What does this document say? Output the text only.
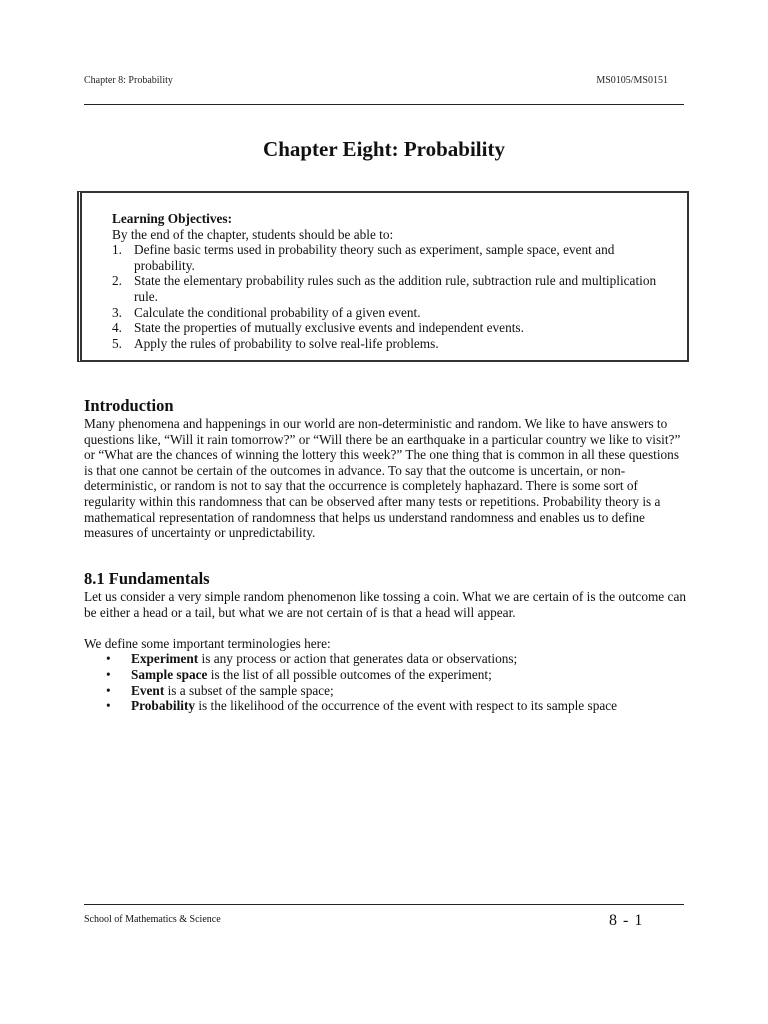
Chapter 8: Probability	MS0105/MS0151
Chapter Eight: Probability
Learning Objectives:
By the end of the chapter, students should be able to:
1. Define basic terms used in probability theory such as experiment, sample space, event and probability.
2. State the elementary probability rules such as the addition rule, subtraction rule and multiplication rule.
3. Calculate the conditional probability of a given event.
4. State the properties of mutually exclusive events and independent events.
5. Apply the rules of probability to solve real-life problems.
Introduction

Many phenomena and happenings in our world are non-deterministic and random. We like to have answers to questions like, “Will it rain tomorrow?” or “Will there be an earthquake in a particular country we like to visit?” or “What are the chances of winning the lottery this week?” The one thing that is common in all these questions is that one cannot be certain of the outcomes in advance. To say that the outcome is uncertain, or non-deterministic, or random is not to say that the occurrence is completely haphazard. There is some sort of regularity within this randomness that can be observed after many tests or repetitions. Probability theory is a mathematical representation of randomness that helps us understand randomness and enables us to define measures of uncertainty or unpredictability.

8.1 Fundamentals

Let us consider a very simple random phenomenon like tossing a coin. What we are certain of is the outcome can be either a head or a tail, but what we are not certain of is that a head will appear.

We define some important terminologies here:

• Experiment is any process or action that generates data or observations;
• Sample space is the list of all possible outcomes of the experiment;
• Event is a subset of the sample space;
• Probability is the likelihood of the occurrence of the event with respect to its sample space
School of Mathematics & Science	8 - 1
